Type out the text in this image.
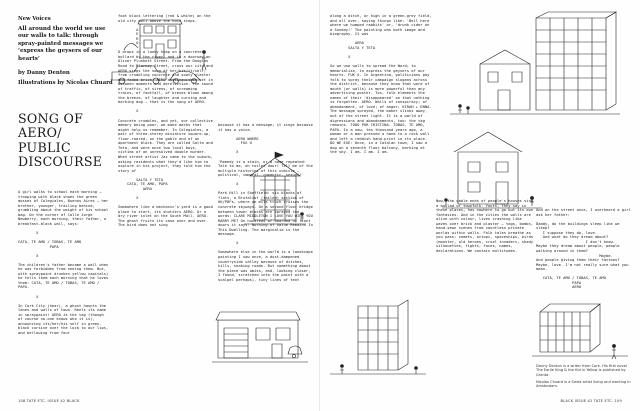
New Voices
All around the world we use our walls to talk: through spray-painted messages we ‘express the geysers of our hearts’
by Danny Denton
Illustrations by Nicolas Chuard
SONG OF AERO/ PUBLIC DISCOURSE
A girl walks to school each morning – trooping with black shoes the green mosses of Colegiales, Buenos Aires – her brother, younger, trailing behind, grumbling about the weight of his school bag. On the corner of Calle Jorge Newberry, each morning, their father, a breakfast-black wall, says:

X

CATA, TE AMO / TOBAS, TE AMO
PAPA

X

The children's father became a wall when he was forbidden from seeing them. But, with spraypaint drunken yellow capitals) he tells them each morning that he loves them: CATA, TE AMO / TOBAS, TE AMO / PAPA.

X

In Cork City (hear), a ghost haunts the lanes and walls of town. Reels its name in spraypaint! AERO is the tag (though of course no-one knows who it is), announcing its/her/his self in green-black cursive over the lock to our lips, and bellowing from four
foot block lettering (red & white) on the old city wall above the hock steps.

A
E
R
O

O drops in a lanky heap on a concrete bollard by the river, and in a doorway on Oliver Plunkett Street. From the Douglas Road to Blarney Street, cross our city and AERO sings the song of her/his/it/self; from crumbling concrete and sooty plaster and faded brick, AERO distinguishes set in between moments and dereliction. The sound of traffic, of sirens, of screaming trains, of footfall, of breves blown among the breeze, of laughter and cursing and barking dog – that is the song of AERO.

X

Concrete crumbles, and yet, our collective memory being poor, we make marks that might help us remember. In Colegiales, a pair of three-storey miniature square-up, floor-roared, on the gable end of an apartment block. They are called Salta and Teta, and were once two local boys, victims of an unresolved double murder. When street artist Jaz came to the suburb, asking residents what they'd like him to explore in his project, they told him the story of

SALTA Y TETA
CATA, TE AMO, PAPA
AERO

X

Somewhere like a mechanic's yard is a good place to start, its shutters AERO. Or a dry river inlet on the South Mall. AERO. The ghost fruits its case over and over. The bird does not sing

because it has a message; it sings because it has a voice.

AERO WHERE
FUX U

X

'Remedy is a stain, or a name repeated: Talk to me, oh toilet door! Tell me of the multiple histories of this cubicle – political, immoral, romantic, sexual!'

X

Park Hill in Sheffield: six blocks of flats, a Brutalist (failed) section of UK/PDFs, where on milk truck cruises the concrete skyways. On a second floor bridge between tower blocks are sprayed the words: CLARE MIDDLETON I LOVE YOU WILL YOU MARRY ME? On hundreds of boarded up front doors it says: Nothing of Value Remains In This Dwelling. The marginalia is the message.

X

Somewhere else in the world is a landscape painting I saw once, a dust-dampened countryside valley because of ditches, hills, snaking roads. But something about the piece was amiss, and, looking closer, I found, scratched into the paint with a scalpel perhaps), tiny lines of text
108 TATE ETC. ISSUE 42 BLACK
along a ditch, or high in a green-grey field, and all over, saying things like: 'Bell here where we humped rabbits' or, 'drunk cider on a Sunday!' The painting was both image and biography. It was

AERO
SALTA Y TETA

X

So we use walls to spread the Word; to memorialise, to express the geysers of our hearts. FUK U. In Argentina, politicians pay folk to spray their campaign slogans across the district, because they know that word of mouth (or walls) is more powerful than any advertising poster. Tos, folk elements the names of their 'disappeared' on that nothing is forgotten. AERO. Walls of conspiracy; of abandonment, of love; of anger; KIRAH + ENNA. The message sprayed, the maker slinks away, out of the street light. It is a world of digressions and abandonments, too: the tag remains. TODO POR CRISTINA. TOBAS, TE AMO, PAPA. In a new, ten thousand years ago, a woman or a man pressed a hand to a rock wall and left a reddish hand-print in its place. DO WE EXE: Once, in a Catalan town, I saw a dog on a seventh floor balcony, barking at the sky. I am. I am. I am.

Now, the gable ends of people's houses sing a ballad of townfolk. Youth, they say in these places, has nowhere to go but its own fantasies. And in the cities the walls are alive with colour, lives crashing like waves over brick and plaster – tags, bombs, hand-sewn scenes from countless private worlds within walls. Folk tales breathe as you pass: comets, octopi, spaceships, birds (monster, old heroes, cruel invaders, shady silhouettes, fights, faces, names, declarations. We contain multitudes.

And on the street once, I overheard a girl ask her father:

Daddy, do the buildings sleep like we sleep?
I suppose they do, love.
And what do they dream about?
I don't know.
Maybe they dream about people, people walking around in them?
Maybe.
And people giving them their tattoos?
Maybe, love. I'm not really sure what you mean.

CATA, TE AMO / TOBAS, TE AMO
PAPA
AERO
Danny Denton is a writer from Cork. His first novel The Earlie King & the Kid in Yellow is published by Granta.
Nicolas Chuard is a Swiss artist living and working in Amsterdam.
BLACK ISSUE 42 TATE ETC. 109
